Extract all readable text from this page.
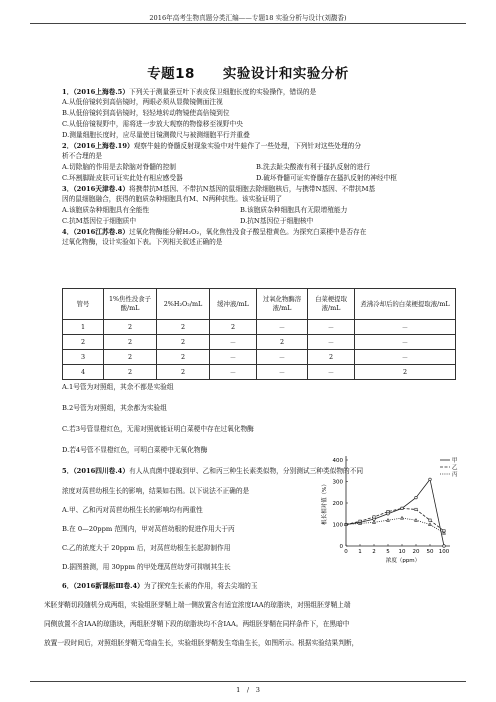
2016年高考生物真题分类汇编——专题18 实验分析与设计(刘馥香)
专题18　　实验设计和实验分析
1．（2016上海卷.5）下列关于测量蚕豆叶下表皮保卫细胞长度的实验操作，错误的是
A.从低倍镜转到高倍镜时，两眼必须从显微镜侧面注视
B.从低倍镜转到高倍镜时，轻轻地转动物镜使高倍镜到位
C.从低倍镜视野中，需将进一步放大观察的物像移至视野中央
D.测量细胞长度时，应尽量使目镜测微尺与被测细胞平行并重叠
2．（2016上海卷.19）观察牛蛙的脊髓反射现象实验中对牛蛙作了一些处理，下列针对这些处理的分
析不合理的是
A.切除脑的作用是去除脑对脊髓的控制	B.洗去趾尖酸液有利于搔扒反射的进行
C.环割脚趾皮肤可证实此处有相应感受器	D.破坏脊髓可证实脊髓存在搔扒反射的神经中枢
3．（2016天津卷.4）将携带抗M基因、不带抗N基因的鼠细胞去除细胞核后，与携带N基因、不带抗M基
因的鼠细胞融合，获得的胞质杂种细胞具有M、N两种抗性。该实验证明了
A.该胞质杂种细胞具有全能性	B.该胞质杂种细胞具有无限增殖能力
C.抗M基因位于细胞质中	D.抗N基因位于细胞核中
4．（2016江苏卷.8）过氧化物酶能分解H₂O₂，氧化焦性没食子酸呈橙黄色。为探究白菜梗中是否存在
过氧化物酶，设计实验如下表。下列相关叙述正确的是
管号	1%焦性没食子酸/mL	2%H₂O₂/mL	缓冲液/mL	过氧化物酶溶液/mL	白菜梗提取液/mL	煮沸冷却后的白菜梗提取液/mL
1	2	2	2	－	－	－
2	2	2	－	2	－	－
3	2	2	－	－	2	－
4	2	2	－	－	－	2
A.1号管为对照组，其余不都是实验组
B.2号管为对照组，其余都为实验组
C.若3号管显橙红色，无需对照就能证明白菜梗中存在过氧化物酶
D.若4号管不显橙红色，可明白菜梗中无氧化物酶
5．（2016四川卷.4）有人从真菌中提取到甲、乙和丙三种生长素类似物，分别测试三种类似物的不同
浓度对莴苣幼根生长的影响，结果如右图。以下说法不正确的是
A.甲、乙和丙对莴苣幼根生长的影响均有两重性
B.在 0—20ppm 范围内，甲对莴苣幼根的促进作用大于丙
C.乙的浓度大于 20ppm 后，对莴苣幼根生长起抑制作用
D.据图推测，用 30ppm 的甲处理莴苣幼芽可抑制其生长
6．（2016新课标Ⅲ卷.4）为了探究生长素的作用，将去尖端的玉
米胚芽鞘切段随机分成两组，实验组胚芽鞘上端一侧放置含有适宜浓度IAA的琼脂块，对照组胚芽鞘上端
同侧放置不含IAA的琼脂块，两组胚芽鞘下段的琼脂块均不含IAA。两组胚芽鞘在同样条件下，在黑暗中
放置一段时间后，对照组胚芽鞘无弯曲生长，实验组胚芽鞘发生弯曲生长，如图所示。根据实验结果判断，
0
100
200
300
400
0 1 2 5 10 20 50 100
根长相对值（%）
浓度（ppm）
甲
乙
丙
1　/　3
